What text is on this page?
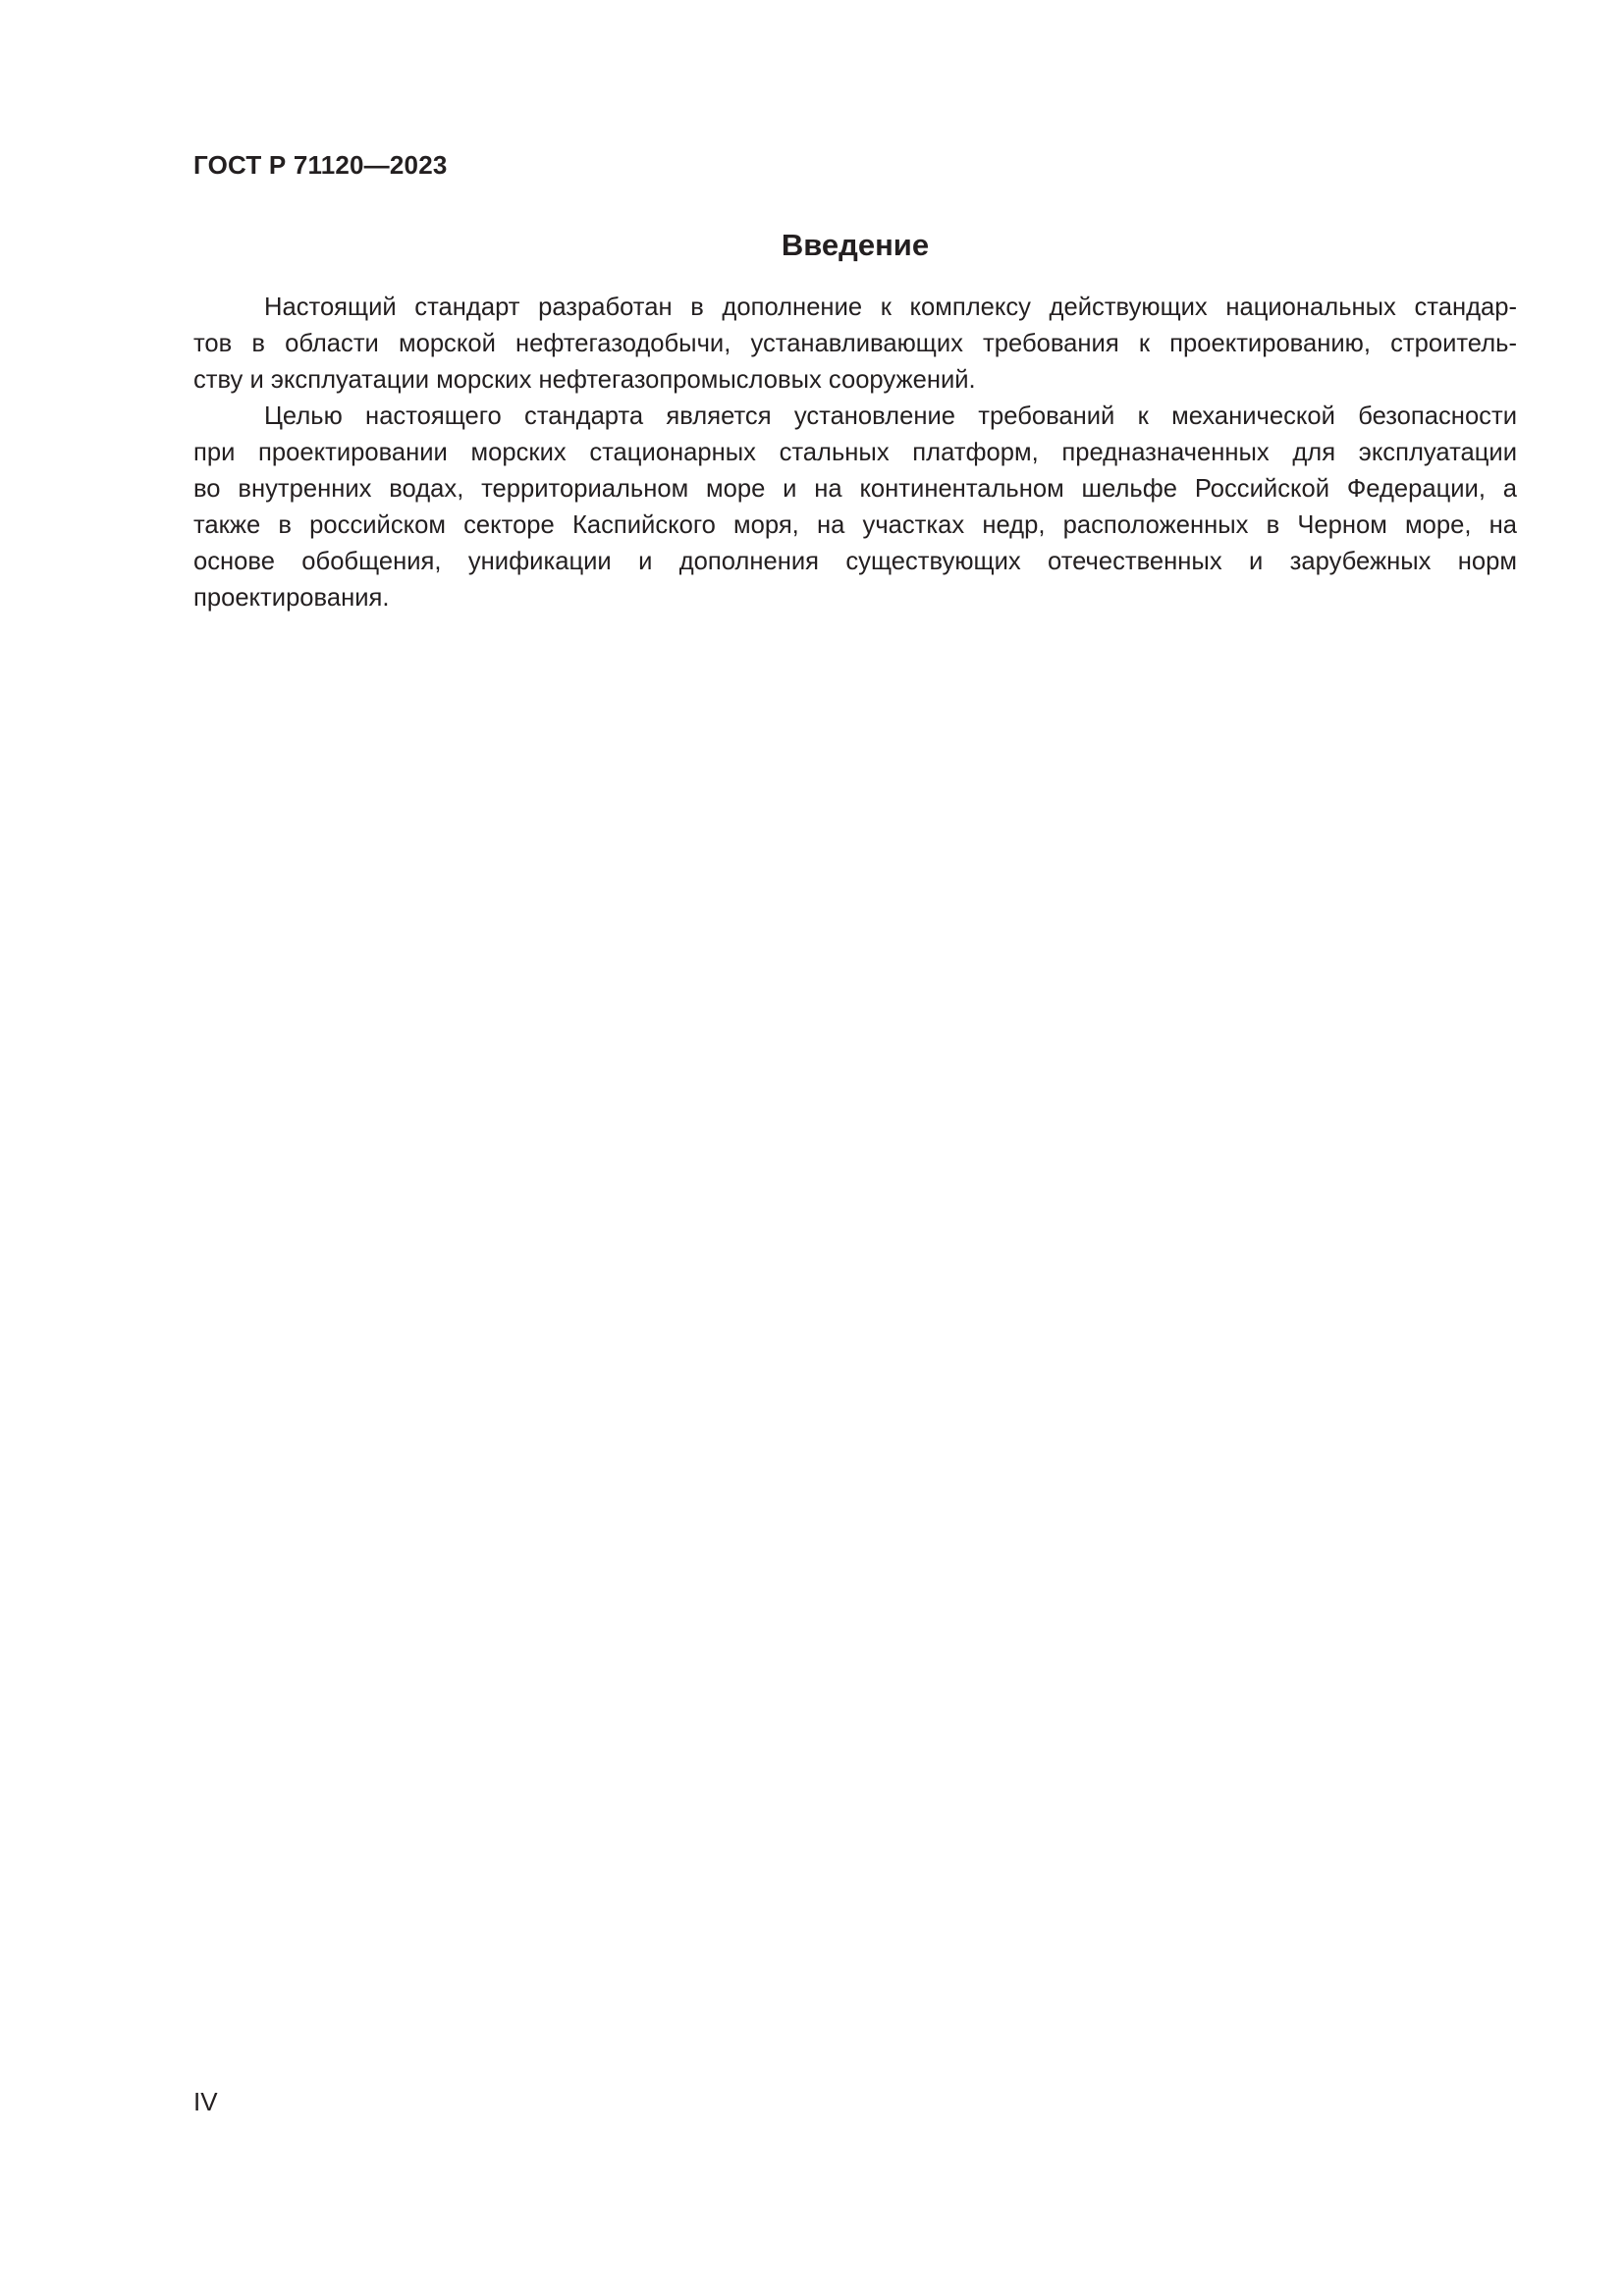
ГОСТ Р 71120—2023
Введение

Настоящий стандарт разработан в дополнение к комплексу действующих национальных стандар-
тов в области морской нефтегазодобычи, устанавливающих требования к проектированию, строитель-
ству и эксплуатации морских нефтегазопромысловых сооружений.

Целью настоящего стандарта является установление требований к механической безопасности
при проектировании морских стационарных стальных платформ, предназначенных для эксплуатации
во внутренних водах, территориальном море и на континентальном шельфе Российской Федерации, а
также в российском секторе Каспийского моря, на участках недр, расположенных в Черном море, на
основе обобщения, унификации и дополнения существующих отечественных и зарубежных норм
проектирования.

IV
